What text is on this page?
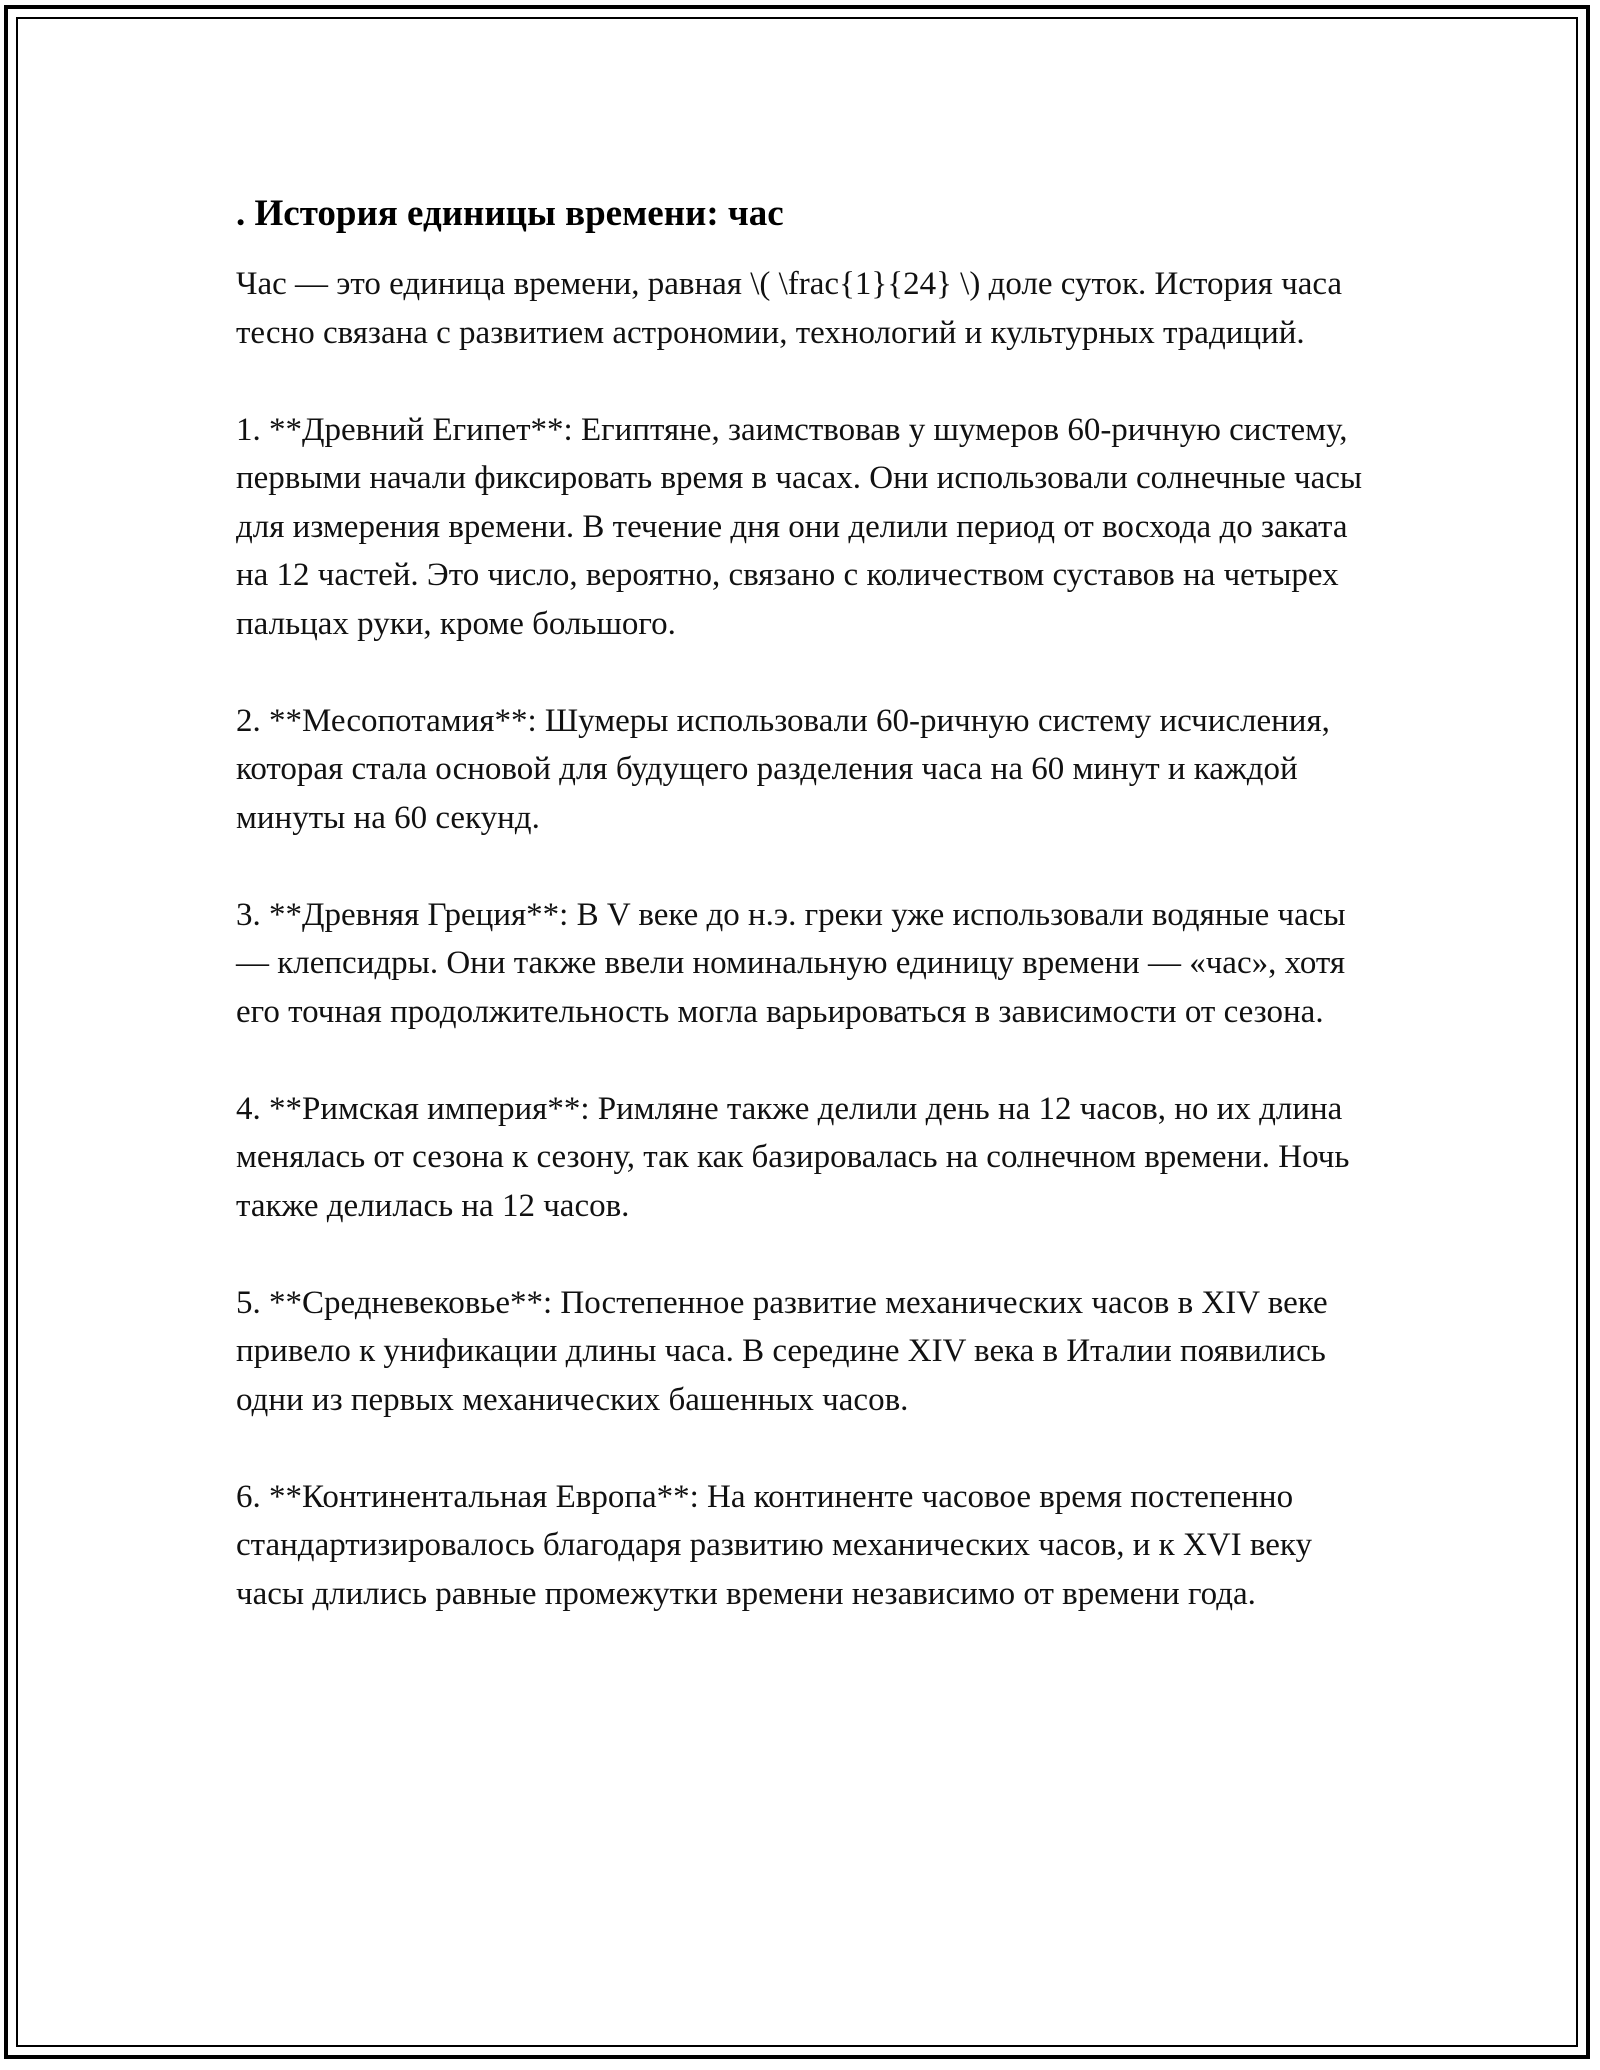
. История единицы времени: час

Час — это единица времени, равная \( \frac{1}{24} \) доле суток. История часа тесно связана с развитием астрономии, технологий и культурных традиций.

1. **Древний Египет**: Египтяне, заимствовав у шумеров 60-ричную систему, первыми начали фиксировать время в часах. Они использовали солнечные часы для измерения времени. В течение дня они делили период от восхода до заката на 12 частей. Это число, вероятно, связано с количеством суставов на четырех пальцах руки, кроме большого.

2. **Месопотамия**: Шумеры использовали 60-ричную систему исчисления, которая стала основой для будущего разделения часа на 60 минут и каждой минуты на 60 секунд.

3. **Древняя Греция**: В V веке до н.э. греки уже использовали водяные часы — клепсидры. Они также ввели номинальную единицу времени — «час», хотя его точная продолжительность могла варьироваться в зависимости от сезона.

4. **Римская империя**: Римляне также делили день на 12 часов, но их длина менялась от сезона к сезону, так как базировалась на солнечном времени. Ночь также делилась на 12 часов.

5. **Средневековье**: Постепенное развитие механических часов в XIV веке привело к унификации длины часа. В середине XIV века в Италии появились одни из первых механических башенных часов.

6. **Континентальная Европа**: На континенте часовое время постепенно стандартизировалось благодаря развитию механических часов, и к XVI веку часы длились равные промежутки времени независимо от времени года.
